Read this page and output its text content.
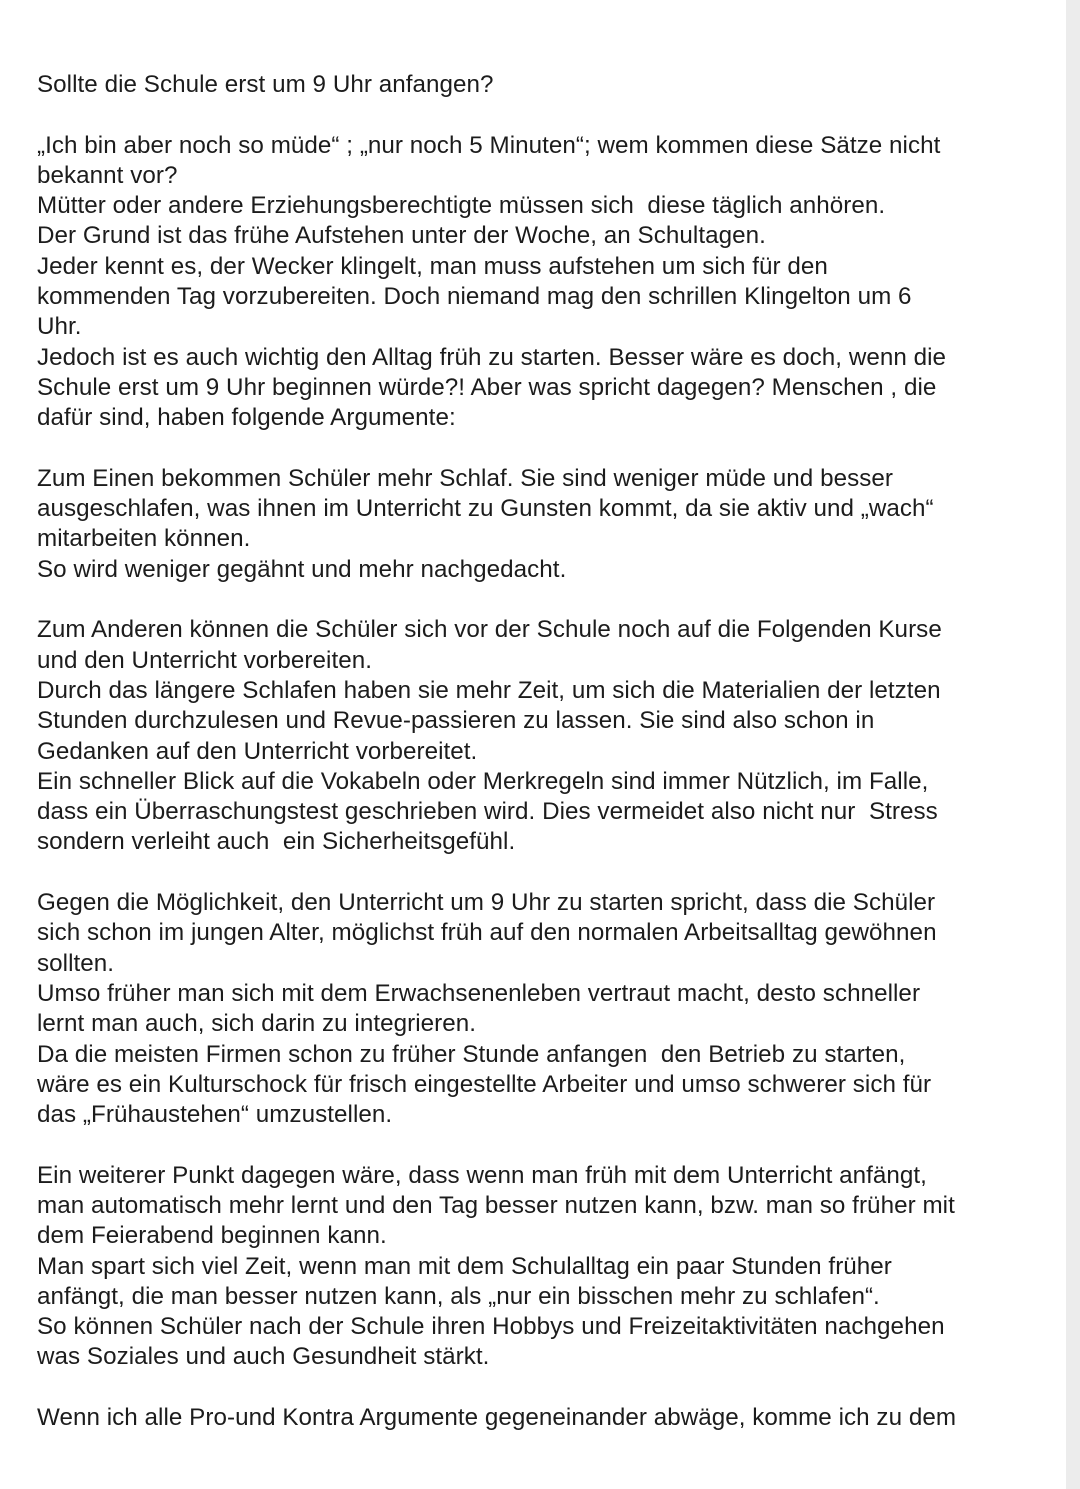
Sollte die Schule erst um 9 Uhr anfangen?
„Ich bin aber noch so müde“ ; „nur noch 5 Minuten“; wem kommen diese Sätze nicht
bekannt vor?
Mütter oder andere Erziehungsberechtigte müssen sich  diese täglich anhören.
Der Grund ist das frühe Aufstehen unter der Woche, an Schultagen.
Jeder kennt es, der Wecker klingelt, man muss aufstehen um sich für den
kommenden Tag vorzubereiten. Doch niemand mag den schrillen Klingelton um 6
Uhr.
Jedoch ist es auch wichtig den Alltag früh zu starten. Besser wäre es doch, wenn die
Schule erst um 9 Uhr beginnen würde?! Aber was spricht dagegen? Menschen , die
dafür sind, haben folgende Argumente:
Zum Einen bekommen Schüler mehr Schlaf. Sie sind weniger müde und besser
ausgeschlafen, was ihnen im Unterricht zu Gunsten kommt, da sie aktiv und „wach“
mitarbeiten können.
So wird weniger gegähnt und mehr nachgedacht.
Zum Anderen können die Schüler sich vor der Schule noch auf die Folgenden Kurse
und den Unterricht vorbereiten.
Durch das längere Schlafen haben sie mehr Zeit, um sich die Materialien der letzten
Stunden durchzulesen und Revue-passieren zu lassen. Sie sind also schon in
Gedanken auf den Unterricht vorbereitet.
Ein schneller Blick auf die Vokabeln oder Merkregeln sind immer Nützlich, im Falle,
dass ein Überraschungstest geschrieben wird. Dies vermeidet also nicht nur  Stress
sondern verleiht auch  ein Sicherheitsgefühl.
Gegen die Möglichkeit, den Unterricht um 9 Uhr zu starten spricht, dass die Schüler
sich schon im jungen Alter, möglichst früh auf den normalen Arbeitsalltag gewöhnen
sollten.
Umso früher man sich mit dem Erwachsenenleben vertraut macht, desto schneller
lernt man auch, sich darin zu integrieren.
Da die meisten Firmen schon zu früher Stunde anfangen  den Betrieb zu starten,
wäre es ein Kulturschock für frisch eingestellte Arbeiter und umso schwerer sich für
das „Frühaustehen“ umzustellen.
Ein weiterer Punkt dagegen wäre, dass wenn man früh mit dem Unterricht anfängt,
man automatisch mehr lernt und den Tag besser nutzen kann, bzw. man so früher mit
dem Feierabend beginnen kann.
Man spart sich viel Zeit, wenn man mit dem Schulalltag ein paar Stunden früher
anfängt, die man besser nutzen kann, als „nur ein bisschen mehr zu schlafen“.
So können Schüler nach der Schule ihren Hobbys und Freizeitaktivitäten nachgehen
was Soziales und auch Gesundheit stärkt.
Wenn ich alle Pro-und Kontra Argumente gegeneinander abwäge, komme ich zu dem
